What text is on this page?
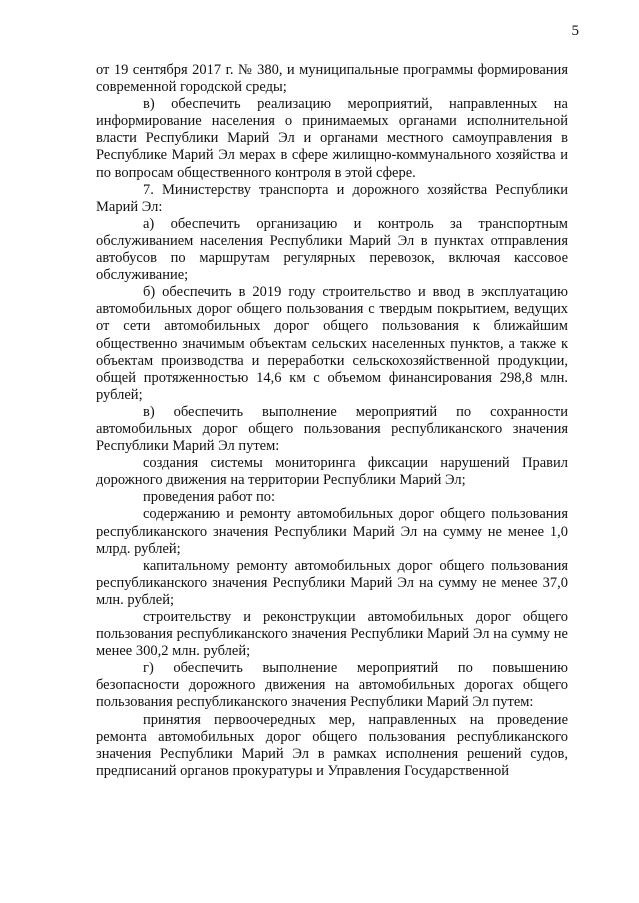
5

от 19 сентября 2017 г. № 380, и муниципальные программы формирования современной городской среды;

в) обеспечить реализацию мероприятий, направленных на информирование населения о принимаемых органами исполнительной власти Республики Марий Эл и органами местного самоуправления в Республике Марий Эл мерах в сфере жилищно-коммунального хозяйства и по вопросам общественного контроля в этой сфере.

7. Министерству транспорта и дорожного хозяйства Республики Марий Эл:

а) обеспечить организацию и контроль за транспортным обслуживанием населения Республики Марий Эл в пунктах отправления автобусов по маршрутам регулярных перевозок, включая кассовое обслуживание;

б) обеспечить в 2019 году строительство и ввод в эксплуатацию автомобильных дорог общего пользования с твердым покрытием, ведущих от сети автомобильных дорог общего пользования к ближайшим общественно значимым объектам сельских населенных пунктов, а также к объектам производства и переработки сельскохозяйственной продукции, общей протяженностью 14,6 км с объемом финансирования 298,8 млн. рублей;

в) обеспечить выполнение мероприятий по сохранности автомобильных дорог общего пользования республиканского значения Республики Марий Эл путем:

создания системы мониторинга фиксации нарушений Правил дорожного движения на территории Республики Марий Эл;

проведения работ по:

содержанию и ремонту автомобильных дорог общего пользования республиканского значения Республики Марий Эл на сумму не менее 1,0 млрд. рублей;

капитальному ремонту автомобильных дорог общего пользования республиканского значения Республики Марий Эл на сумму не менее 37,0 млн. рублей;

строительству и реконструкции автомобильных дорог общего пользования республиканского значения Республики Марий Эл на сумму не менее 300,2 млн. рублей;

г) обеспечить выполнение мероприятий по повышению безопасности дорожного движения на автомобильных дорогах общего пользования республиканского значения Республики Марий Эл путем:

принятия первоочередных мер, направленных на проведение ремонта автомобильных дорог общего пользования республиканского значения Республики Марий Эл в рамках исполнения решений судов, предписаний органов прокуратуры и Управления Государственной
